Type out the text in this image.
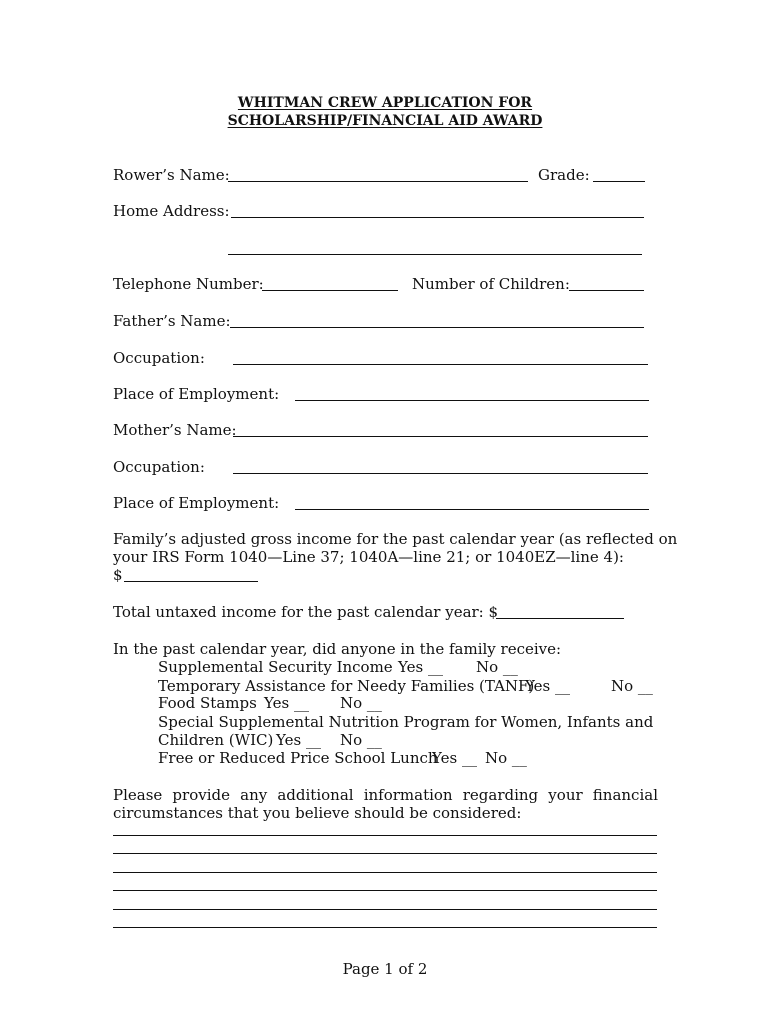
WHITMAN CREW APPLICATION FOR
SCHOLARSHIP/FINANCIAL AID AWARD
Rower’s Name:	Grade:
Home Address:
Telephone Number:	Number of Children:
Father’s Name:
Occupation:
Place of Employment:
Mother’s Name:
Occupation:
Place of Employment:
Family’s adjusted gross income for the past calendar year (as reflected on
your IRS Form 1040—Line 37; 1040A—line 21; or 1040EZ—line 4):
$
Total untaxed income for the past calendar year: $
In the past calendar year, did anyone in the family receive:
Supplemental Security Income Yes __ No __
Temporary Assistance for Needy Families (TANF)
Yes __	No __
Food Stamps Yes __ No __
Special Supplemental Nutrition Program for Women, Infants and
Children (WIC) Yes __ No __
Free or Reduced Price School Lunch
Yes __ No __
Please provide any additional information regarding your financial
circumstances that you believe should be considered:
Page 1 of 2
